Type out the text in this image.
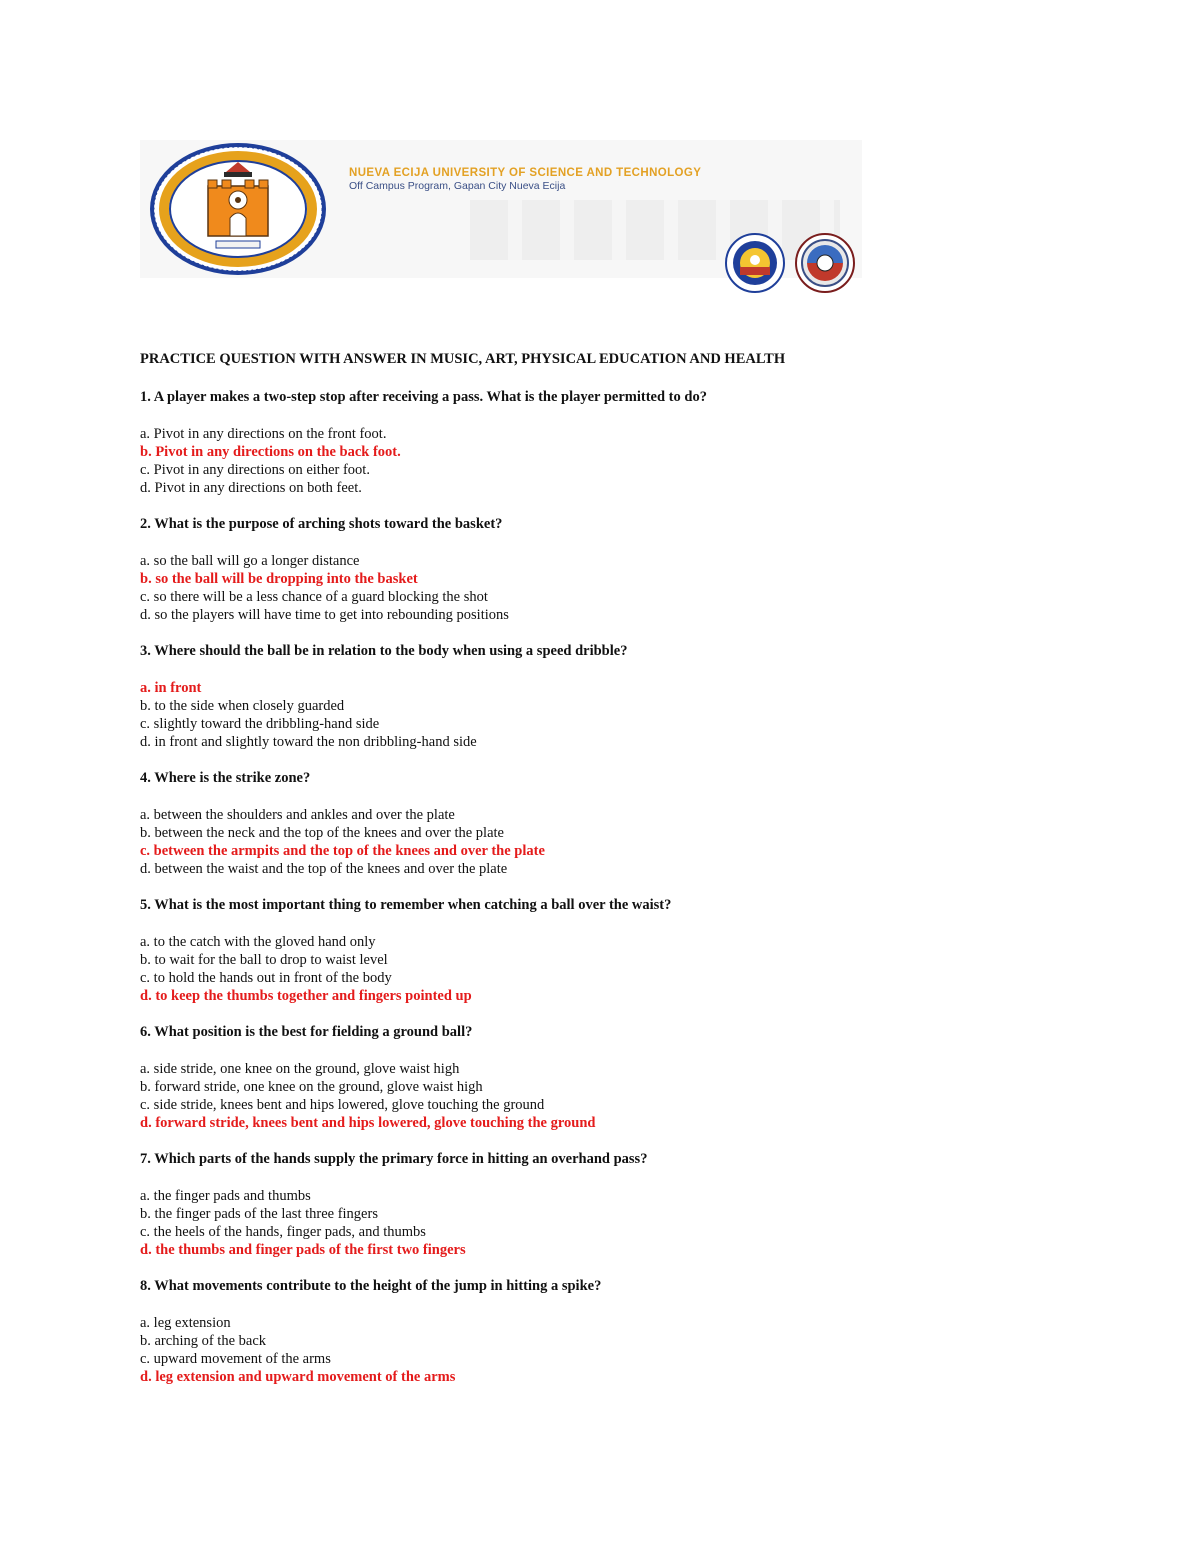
NUEVA ECIJA UNIVERSITY OF SCIENCE AND TECHNOLOGY
Off Campus Program, Gapan City Nueva Ecija
PRACTICE QUESTION WITH ANSWER IN MUSIC, ART, PHYSICAL EDUCATION AND HEALTH
1. A player makes a two-step stop after receiving a pass. What is the player permitted to do?
a. Pivot in any directions on the front foot.
b. Pivot in any directions on the back foot.
c. Pivot in any directions on either foot.
d. Pivot in any directions on both feet.
2. What is the purpose of arching shots toward the basket?
a. so the ball will go a longer distance
b. so the ball will be dropping into the basket
c. so there will be a less chance of a guard blocking the shot
d. so the players will have time to get into rebounding positions
3. Where should the ball be in relation to the body when using a speed dribble?
a. in front
b. to the side when closely guarded
c. slightly toward the dribbling-hand side
d. in front and slightly toward the non dribbling-hand side
4. Where is the strike zone?
a. between the shoulders and ankles and over the plate
b. between the neck and the top of the knees and over the plate
c. between the armpits and the top of the knees and over the plate
d. between the waist and the top of the knees and over the plate
5. What is the most important thing to remember when catching a ball over the waist?
a. to the catch with the gloved hand only
b. to wait for the ball to drop to waist level
c. to hold the hands out in front of the body
d. to keep the thumbs together and fingers pointed up
6. What position is the best for fielding a ground ball?
a. side stride, one knee on the ground, glove waist high
b. forward stride, one knee on the ground, glove waist high
c. side stride, knees bent and hips lowered, glove touching the ground
d. forward stride, knees bent and hips lowered, glove touching the ground
7. Which parts of the hands supply the primary force in hitting an overhand pass?
a. the finger pads and thumbs
b. the finger pads of the last three fingers
c. the heels of the hands, finger pads, and thumbs
d. the thumbs and finger pads of the first two fingers
8. What movements contribute to the height of the jump in hitting a spike?
a. leg extension
b. arching of the back
c. upward movement of the arms
d. leg extension and upward movement of the arms
